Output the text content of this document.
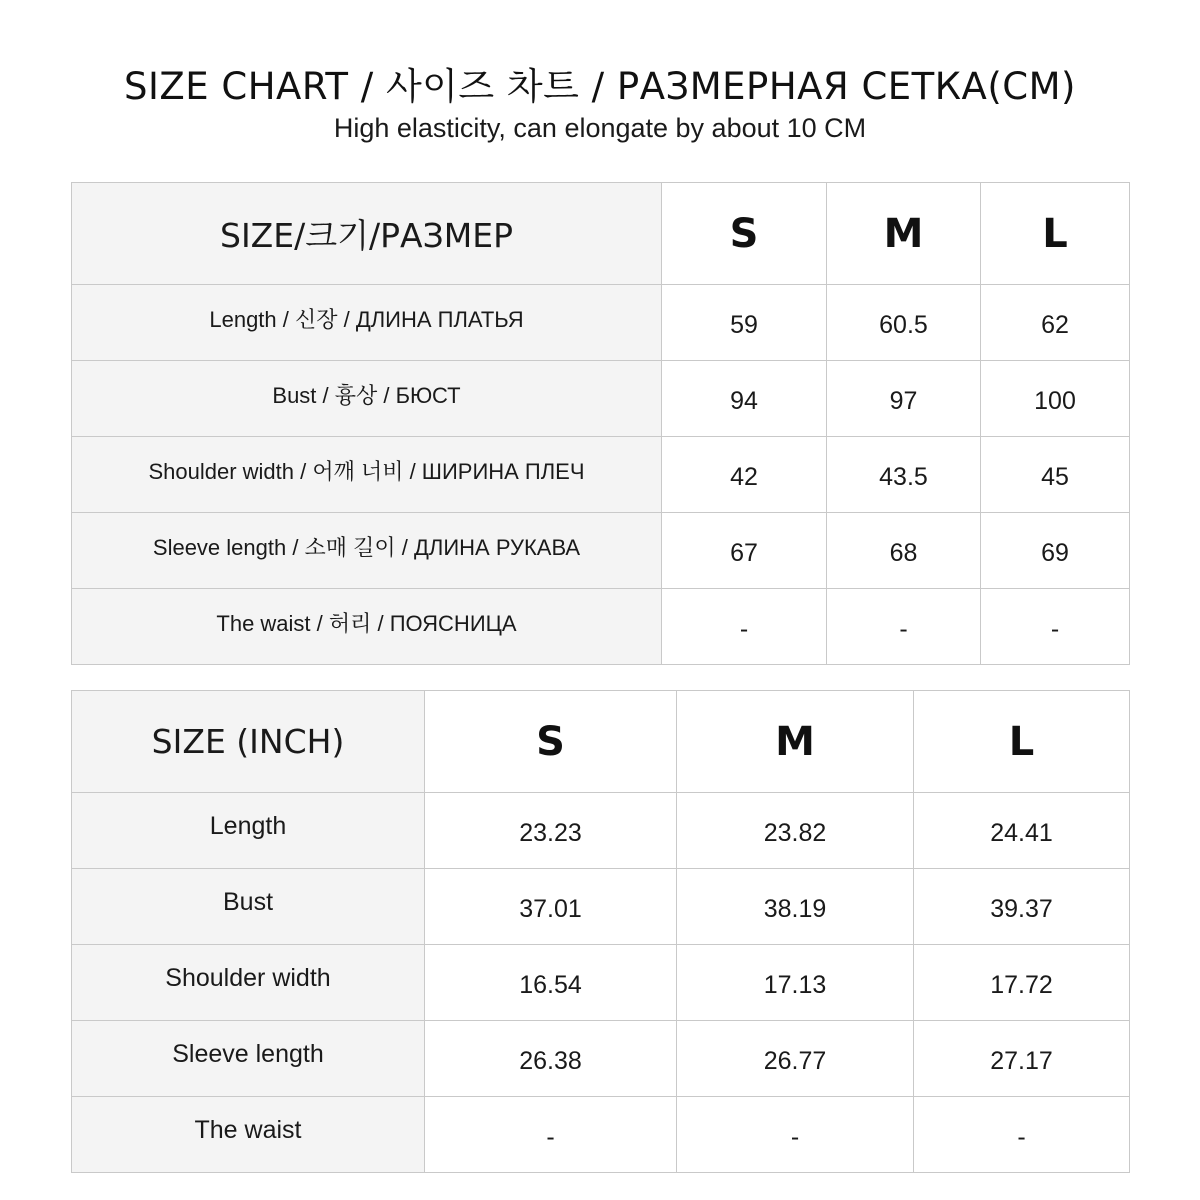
SIZE CHART / 사이즈 차트 / РАЗМЕРНАЯ СЕТКА(CM)
High elasticity, can elongate by about 10 CM
SIZE/크기/РАЗМЕР	S	M	L
Length / 신장 / ДЛИНА ПЛАТЬЯ	59	60.5	62
Bust / 흉상 / БЮСТ	94	97	100
Shoulder width / 어깨 너비 / ШИРИНА ПЛЕЧ	42	43.5	45
Sleeve length / 소매 길이 / ДЛИНА РУКАВА	67	68	69
The waist / 허리 / ПОЯСНИЦА	-	-	-
SIZE (INCH)	S	M	L
Length	23.23	23.82	24.41
Bust	37.01	38.19	39.37
Shoulder width	16.54	17.13	17.72
Sleeve length	26.38	26.77	27.17
The waist	-	-	-
